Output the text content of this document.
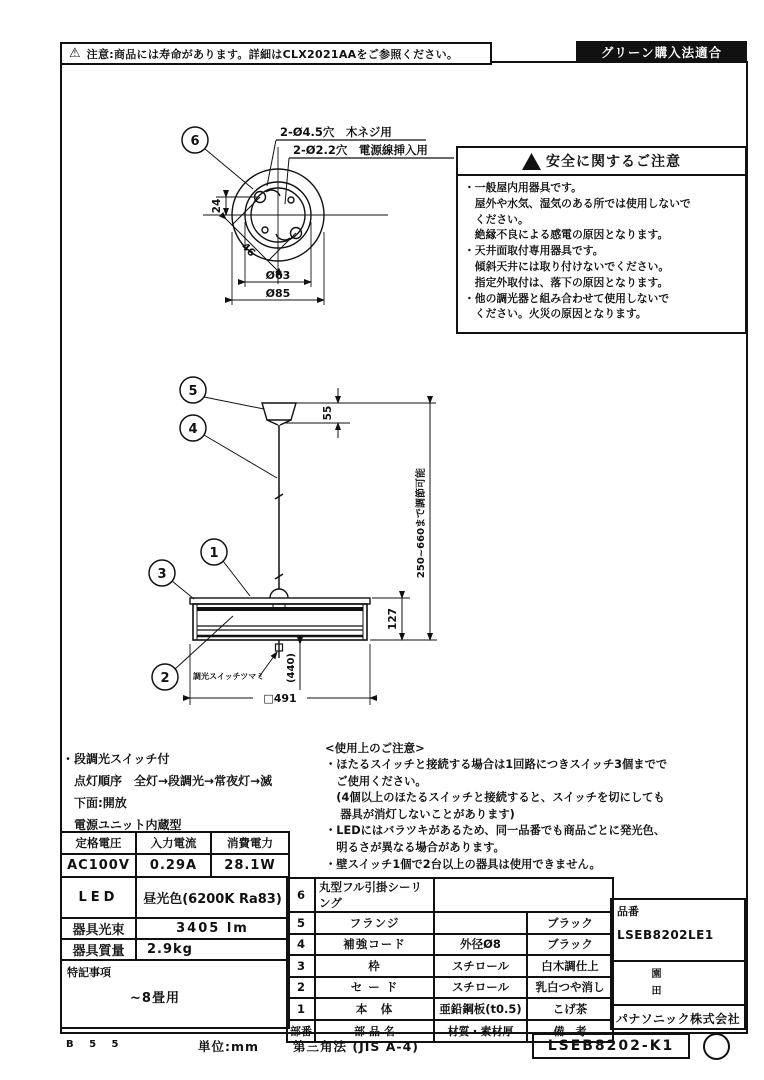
⚠ 注意:商品には寿命があります。詳細はCLX2021AAをご参照ください。	グリーン購入法適合
6
2-Ø4.5穴　木ネジ用
2-Ø2.2穴　電源線挿入用
24
46
Ø63
Ø85
! 安全に関するご注意
・一般屋内用器具です。
　屋外や水気、湿気のある所では使用しないで
　ください。
　絶縁不良による感電の原因となります。
・天井面取付専用器具です。
　傾斜天井には取り付けないでください。
　指定外取付は、落下の原因となります。
・他の調光器と組み合わせて使用しないで
　ください。火災の原因となります。
5
4
1
3
2
55
250~660まで調節可能
127
(440)
□491
調光スイッチツマミ
・段調光スイッチ付
　点灯順序　全灯→段調光→常夜灯→滅
　下面:開放
　電源ユニット内蔵型
<使用上のご注意>
・ほたるスイッチと接続する場合は1回路につきスイッチ3個までで
　ご使用ください。
　(4個以上のほたるスイッチと接続すると、スイッチを切にしても
　 器具が消灯しないことがあります)
・LEDにはバラツキがあるため、同一品番でも商品ごとに発光色、
　明るさが異なる場合があります。
・壁スイッチ1個で2台以上の器具は使用できません。
定格電圧	入力電流	消費電力
AC100V	0.29A	28.1W
LED	昼光色(6200K Ra83)	
器具光束	3405 lm	
器具質量	2.9kg	

特記事項
~8畳用		
6	丸型フル引掛シーリング		
5	フランジ		ブラック
4	補強コード	外径Ø8	ブラック
3	枠	スチロール	白木調仕上
2	セ ー ド	スチロール	乳白つや消し
1	本　体	亜鉛鋼板(t0.5)	こげ茶
部番	部 品 名	材質・素材厚	備　考
品番
LSEB8202LE1
園田
パナソニック株式会社
B 5 5	単位:mm	第三角法 (JIS A-4)	LSEB8202-K1
